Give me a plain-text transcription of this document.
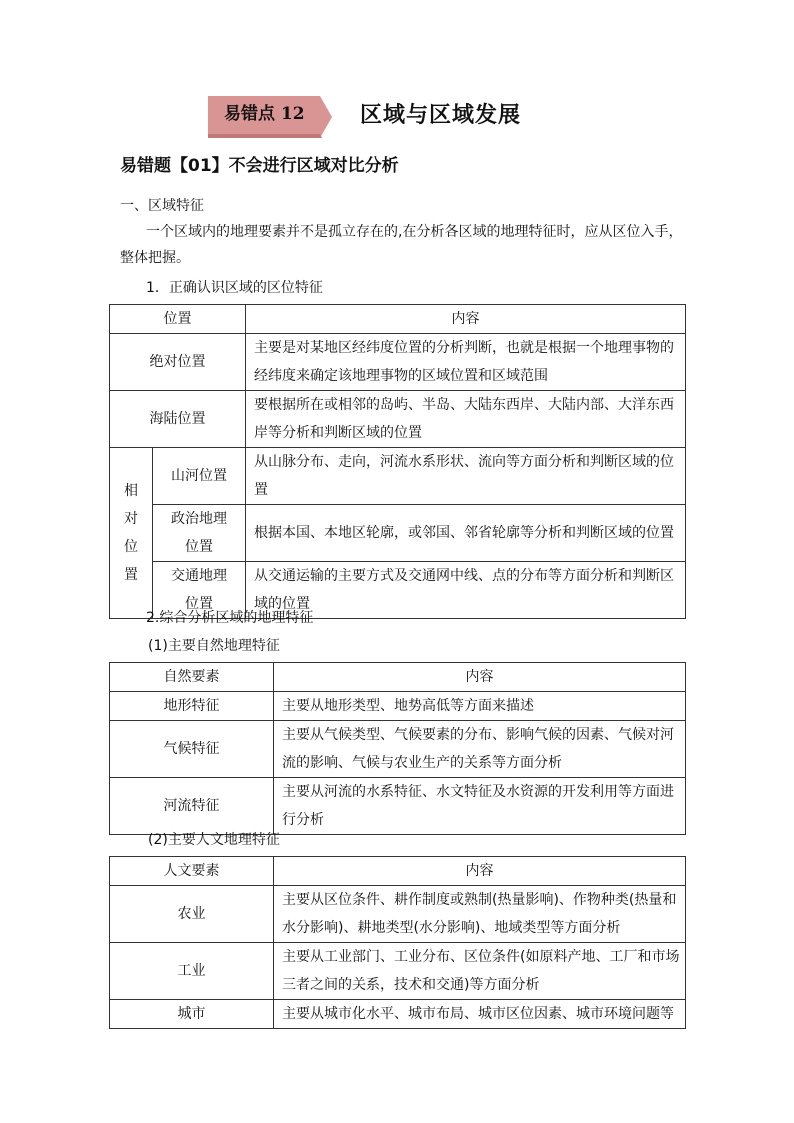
易错点 12	区域与区域发展
易错题【01】不会进行区域对比分析
一、区域特征
一个区域内的地理要素并不是孤立存在的,在分析各区域的地理特征时，应从区位入手，
整体把握。
1．正确认识区域的区位特征
位置		内容
绝对位置		主要是对某地区经纬度位置的分析判断，也就是根据一个地理事物的经纬度来确定该地理事物的区域位置和区域范围
海陆位置		要根据所在或相邻的岛屿、半岛、大陆东西岸、大陆内部、大洋东西岸等分析和判断区域的位置

相
对
位
置	山河位置	从山脉分布、走向，河流水系形状、流向等方面分析和判断区域的位置
	政治地理位置	根据本国、本地区轮廓，或邻国、邻省轮廓等分析和判断区域的位置
	交通地理位置	从交通运输的主要方式及交通网中线、点的分布等方面分析和判断区域的位置
2.综合分析区域的地理特征
(1)主要自然地理特征
自然要素	内容
地形特征	主要从地形类型、地势高低等方面来描述
气候特征	主要从气候类型、气候要素的分布、影响气候的因素、气候对河流的影响、气候与农业生产的关系等方面分析
河流特征	主要从河流的水系特征、水文特征及水资源的开发利用等方面进行分析
(2)主要人文地理特征
人文要素	内容
农业	主要从区位条件、耕作制度或熟制(热量影响)、作物种类(热量和水分影响)、耕地类型(水分影响)、地域类型等方面分析
工业	主要从工业部门、工业分布、区位条件(如原料产地、工厂和市场三者之间的关系，技术和交通)等方面分析
城市	主要从城市化水平、城市布局、城市区位因素、城市环境问题等
